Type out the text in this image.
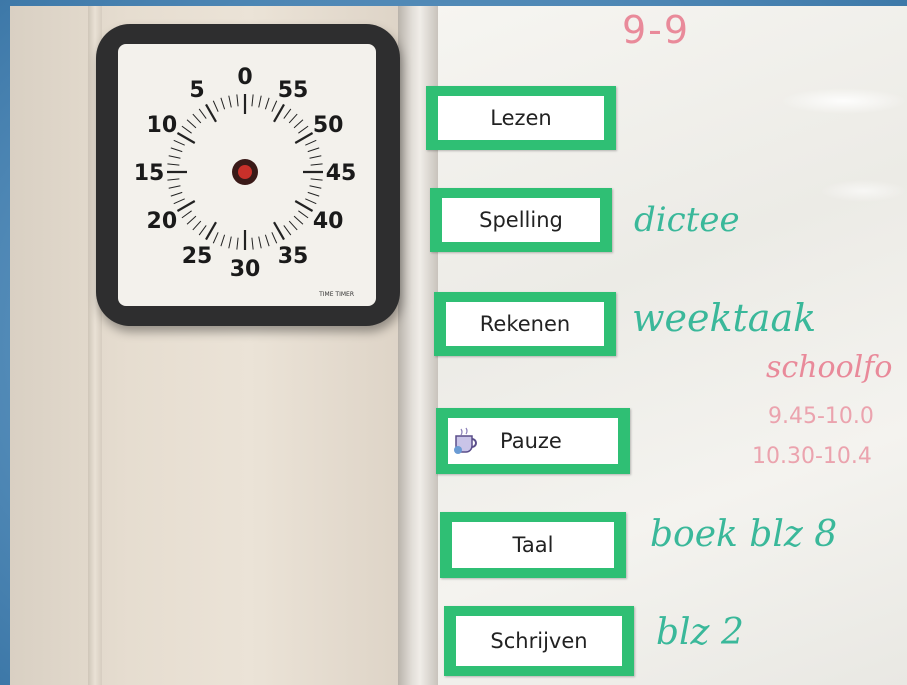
0
5
10
15
20
25
30
35
40
45
50
55
TIME TIMER
9-9
Lezen
Spelling
Rekenen
Pauze
Taal
Schrijven
dictee
weektaak
schoolfo
9.45-10.0
10.30-10.4
boek blz 8
blz 2
